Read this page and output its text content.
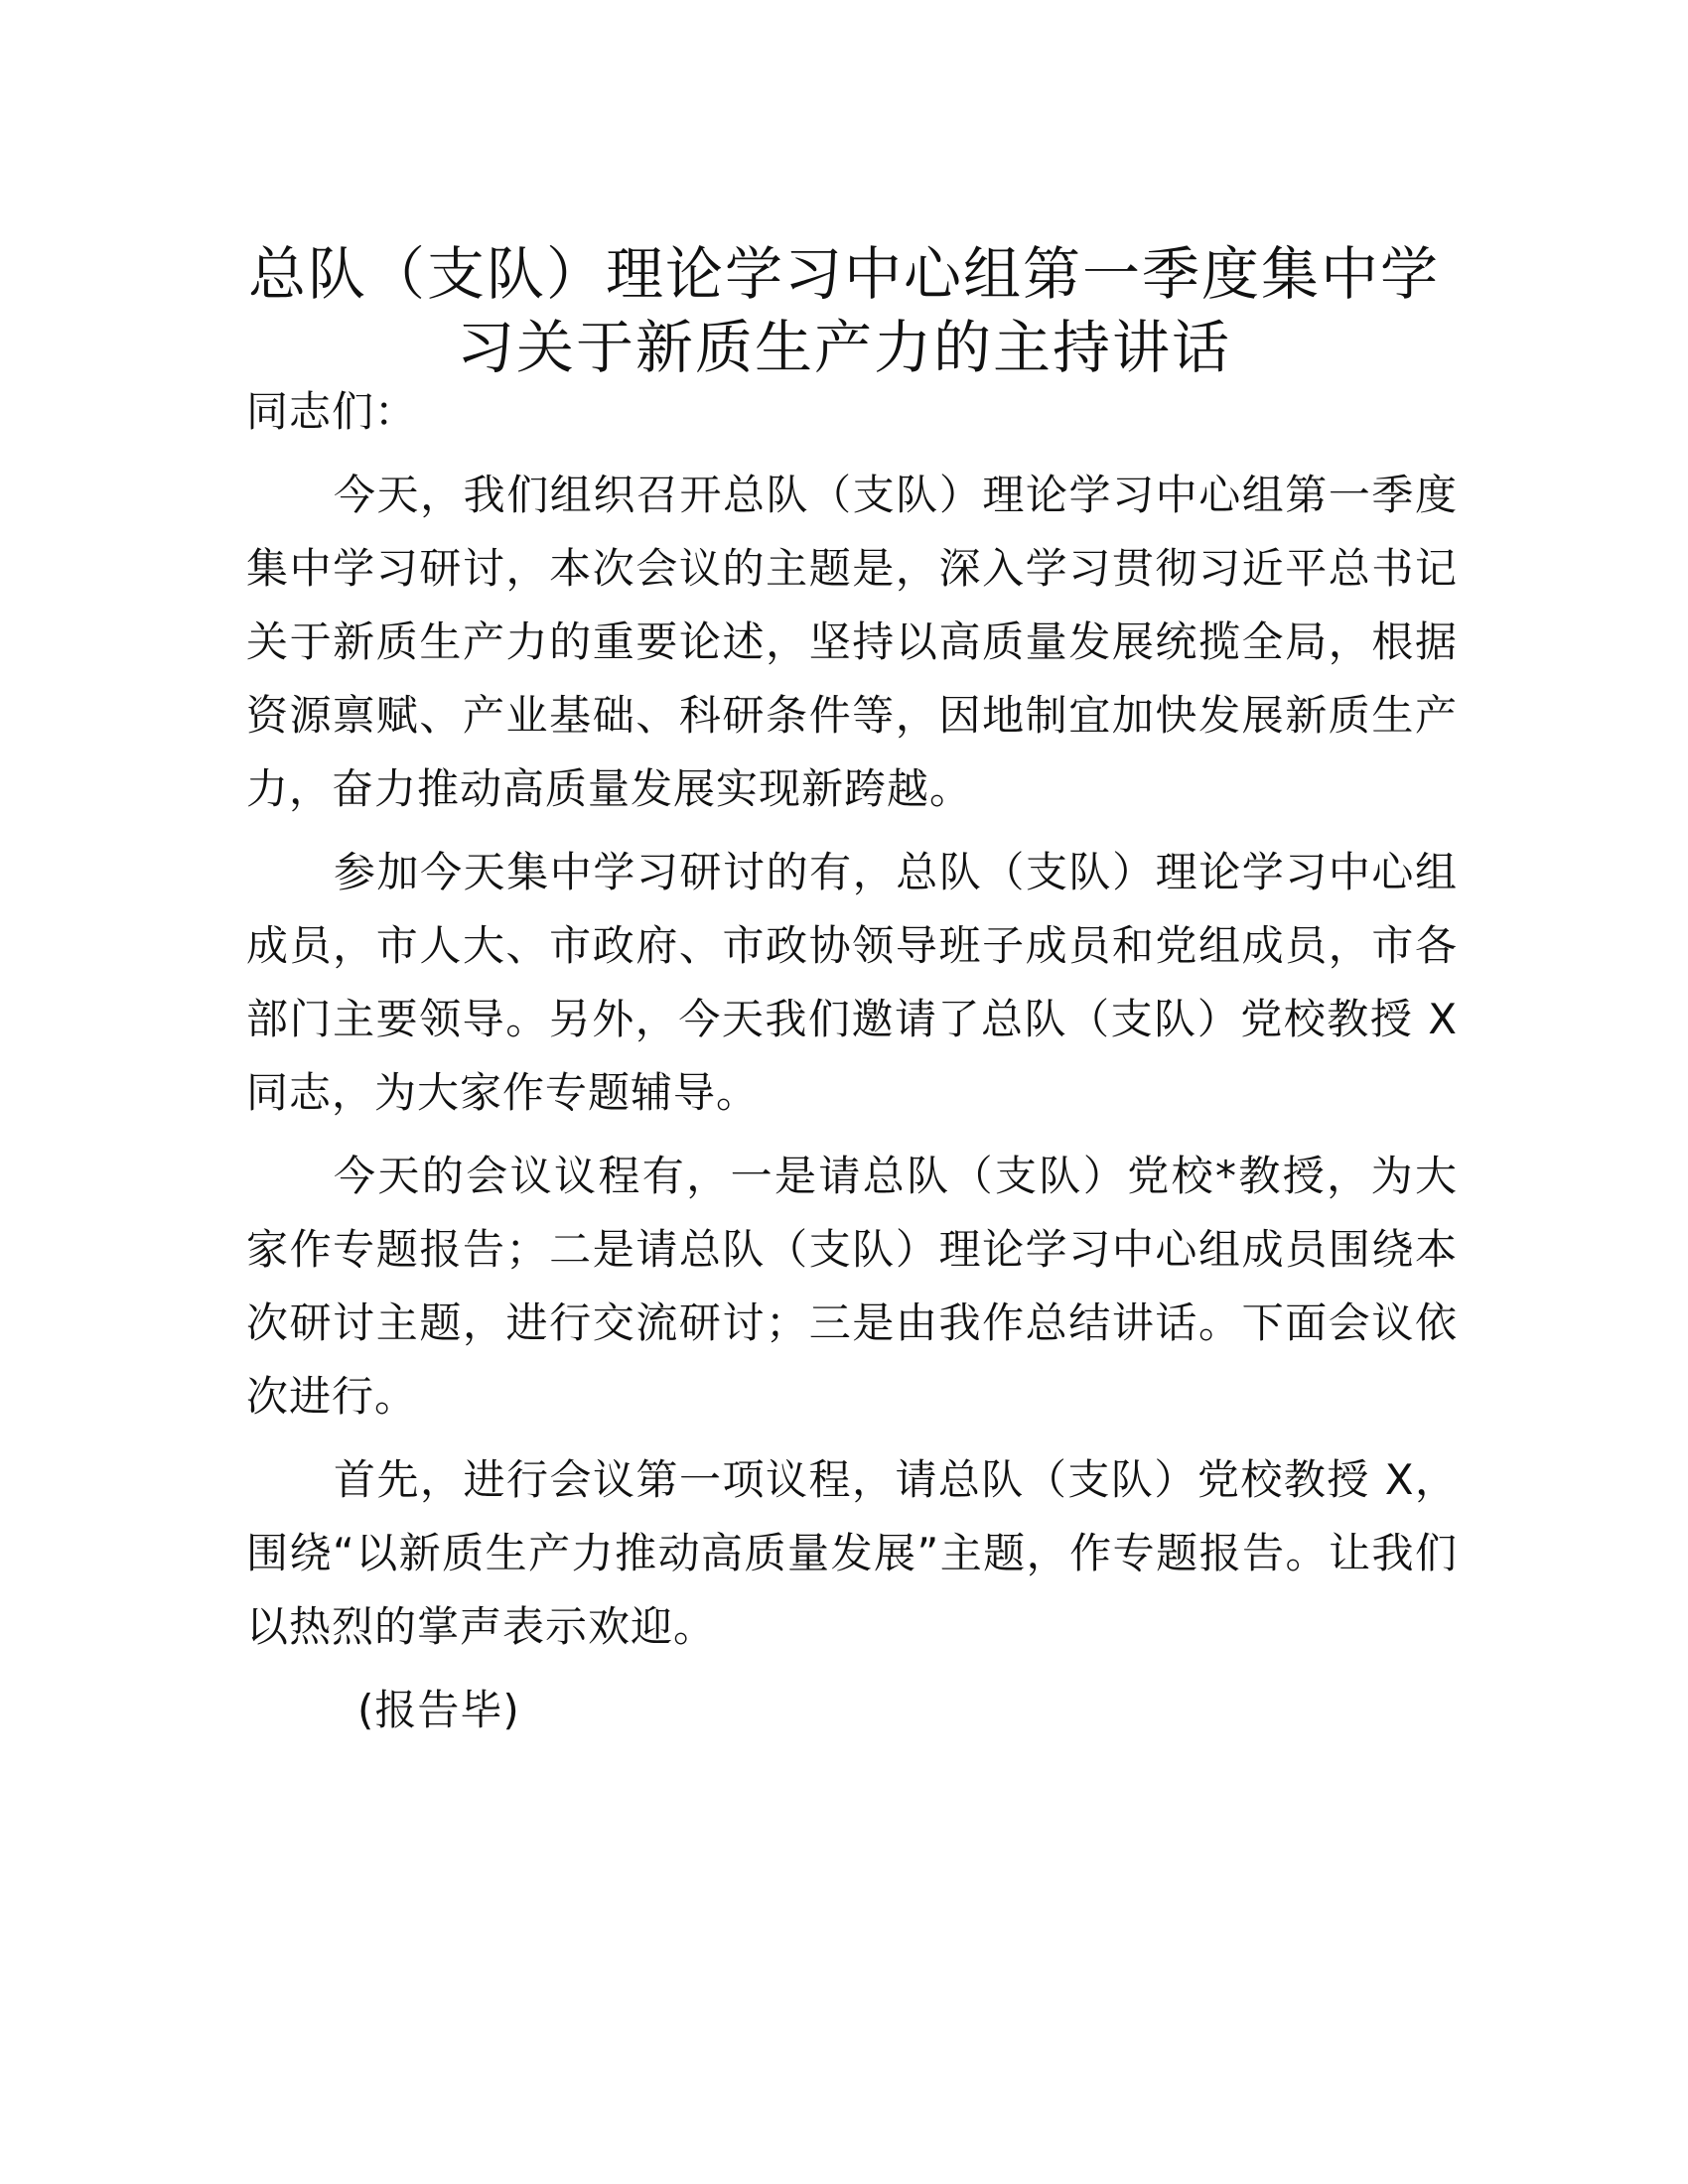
总队（支队）理论学习中心组第一季度集中学
习关于新质生产力的主持讲话

同志们：

今天，我们组织召开总队（支队）理论学习中心组第一季度集中学习研讨，本次会议的主题是，深入学习贯彻习近平总书记关于新质生产力的重要论述，坚持以高质量发展统揽全局，根据资源禀赋、产业基础、科研条件等，因地制宜加快发展新质生产力，奋力推动高质量发展实现新跨越。

参加今天集中学习研讨的有，总队（支队）理论学习中心组成员，市人大、市政府、市政协领导班子成员和党组成员，市各部门主要领导。另外，今天我们邀请了总队（支队）党校教授 X 同志，为大家作专题辅导。

今天的会议议程有，一是请总队（支队）党校*教授，为大家作专题报告；二是请总队（支队）理论学习中心组成员围绕本次研讨主题，进行交流研讨；三是由我作总结讲话。下面会议依次进行。

首先，进行会议第一项议程，请总队（支队）党校教授 X，围绕“以新质生产力推动高质量发展”主题，作专题报告。让我们以热烈的掌声表示欢迎。

(报告毕)
